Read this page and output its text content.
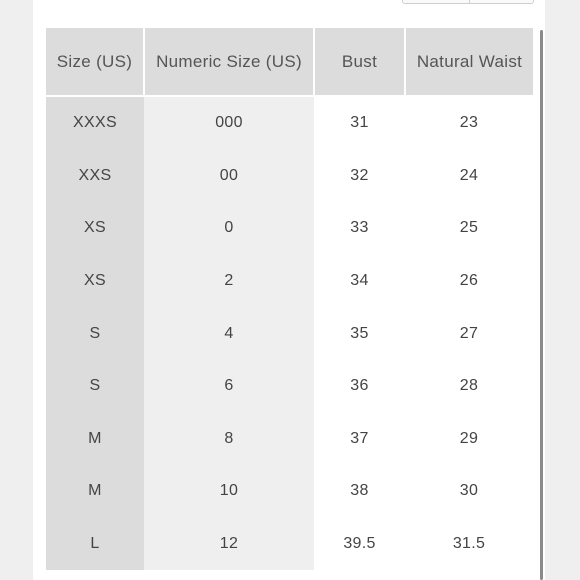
Size (US)	Numeric Size (US)	Bust	Natural Waist
XXXS	000	31	23
XXS	00	32	24
XS	0	33	25
XS	2	34	26
S	4	35	27
S	6	36	28
M	8	37	29
M	10	38	30
L	12	39.5	31.5
